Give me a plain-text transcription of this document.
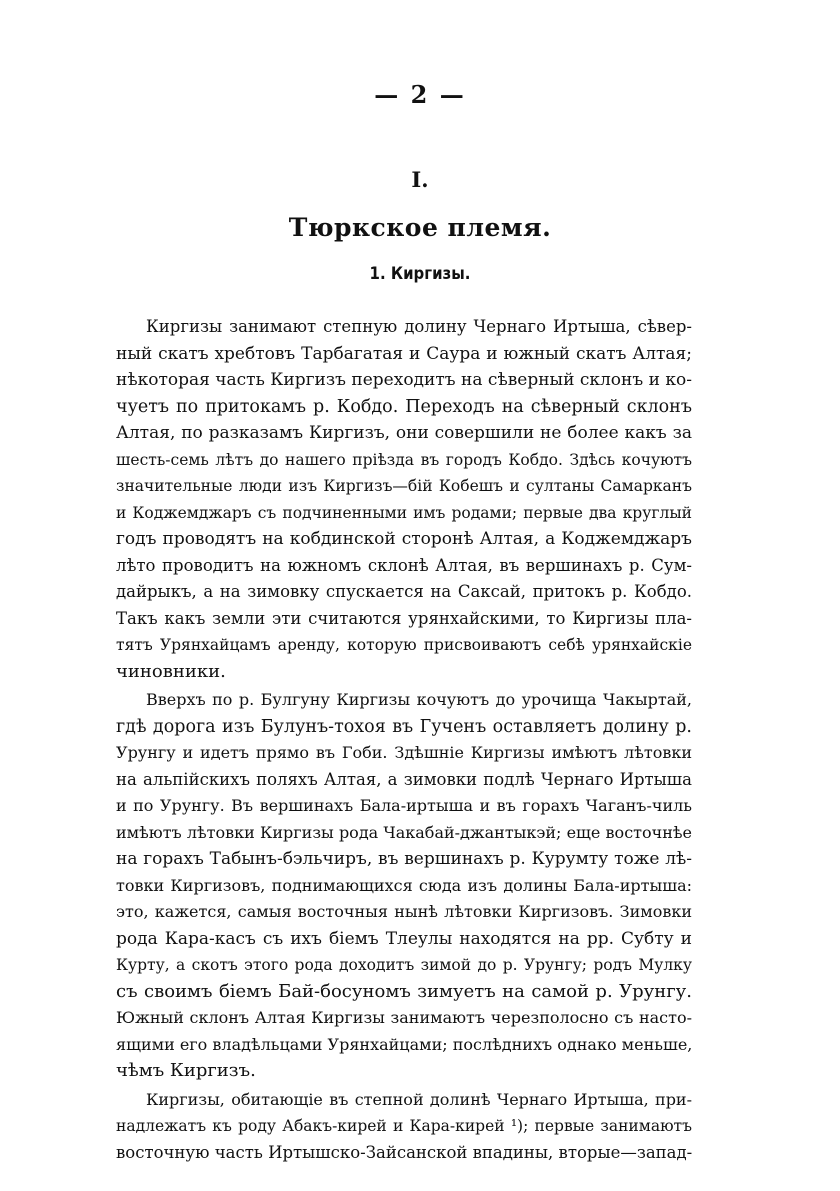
— 2 —
I.
Тюркское племя.
1. Киргизы.
Киргизы занимают степную долину Чернаго Иртыша, сѣвер-
ный скатъ хребтовъ Тарбагатая и Саура и южный скатъ Алтая;
нѣкоторая часть Киргизъ переходитъ на сѣверный склонъ и ко-
чуетъ по притокамъ р. Кобдо. Переходъ на сѣверный склонъ
Алтая, по разказамъ Киргизъ, они совершили не более какъ за
шесть-семь лѣтъ до нашего прiѣзда въ городъ Кобдо. Здѣсь кочуютъ
значительные люди изъ Киргизъ—бiй Кобешъ и султаны Самарканъ
и Коджемджаръ съ подчиненными имъ родами; первые два круглый
годъ проводятъ на кобдинской сторонѣ Алтая, а Коджемджаръ
лѣто проводитъ на южномъ склонѣ Алтая, въ вершинахъ р. Сум-
дайрыкъ, а на зимовку спускается на Саксай, притокъ р. Кобдо.
Такъ какъ земли эти считаются урянхайскими, то Киргизы пла-
тятъ Урянхайцамъ аренду, которую присвоиваютъ себѣ урянхайскiе
чиновники.
Вверхъ по р. Булгуну Киргизы кочуютъ до урочища Чакыртай,
гдѣ дорога изъ Булунъ-тохоя въ Гученъ оставляетъ долину р.
Урунгу и идетъ прямо въ Гоби. Здѣшнiе Киргизы имѣютъ лѣтовки
на альпiйскихъ поляхъ Алтая, а зимовки подлѣ Чернаго Иртыша
и по Урунгу. Въ вершинахъ Бала-иртыша и въ горахъ Чаганъ-чиль
имѣютъ лѣтовки Киргизы рода Чакабай-джантыкэй; еще восточнѣе
на горахъ Табынъ-бэльчиръ, въ вершинахъ р. Курумту тоже лѣ-
товки Киргизовъ, поднимающихся сюда изъ долины Бала-иртыша:
это, кажется, самыя восточныя нынѣ лѣтовки Киргизовъ. Зимовки
рода Кара-касъ съ ихъ бiемъ Тлеулы находятся на рр. Субту и
Курту, а скотъ этого рода доходитъ зимой до р. Урунгу; родъ Мулку
съ своимъ бiемъ Бай-босуномъ зимуетъ на самой р. Урунгу.
Южный склонъ Алтая Киргизы занимаютъ черезполосно съ насто-
ящими его владѣльцами Урянхайцами; послѣднихъ однако меньше,
чѣмъ Киргизъ.
Киргизы, обитающiе въ степной долинѣ Чернаго Иртыша, при-
надлежатъ къ роду Абакъ-кирей и Кара-кирей ¹); первые занимаютъ
восточную часть Иртышско-Зайсанской впадины, вторые—запад-
